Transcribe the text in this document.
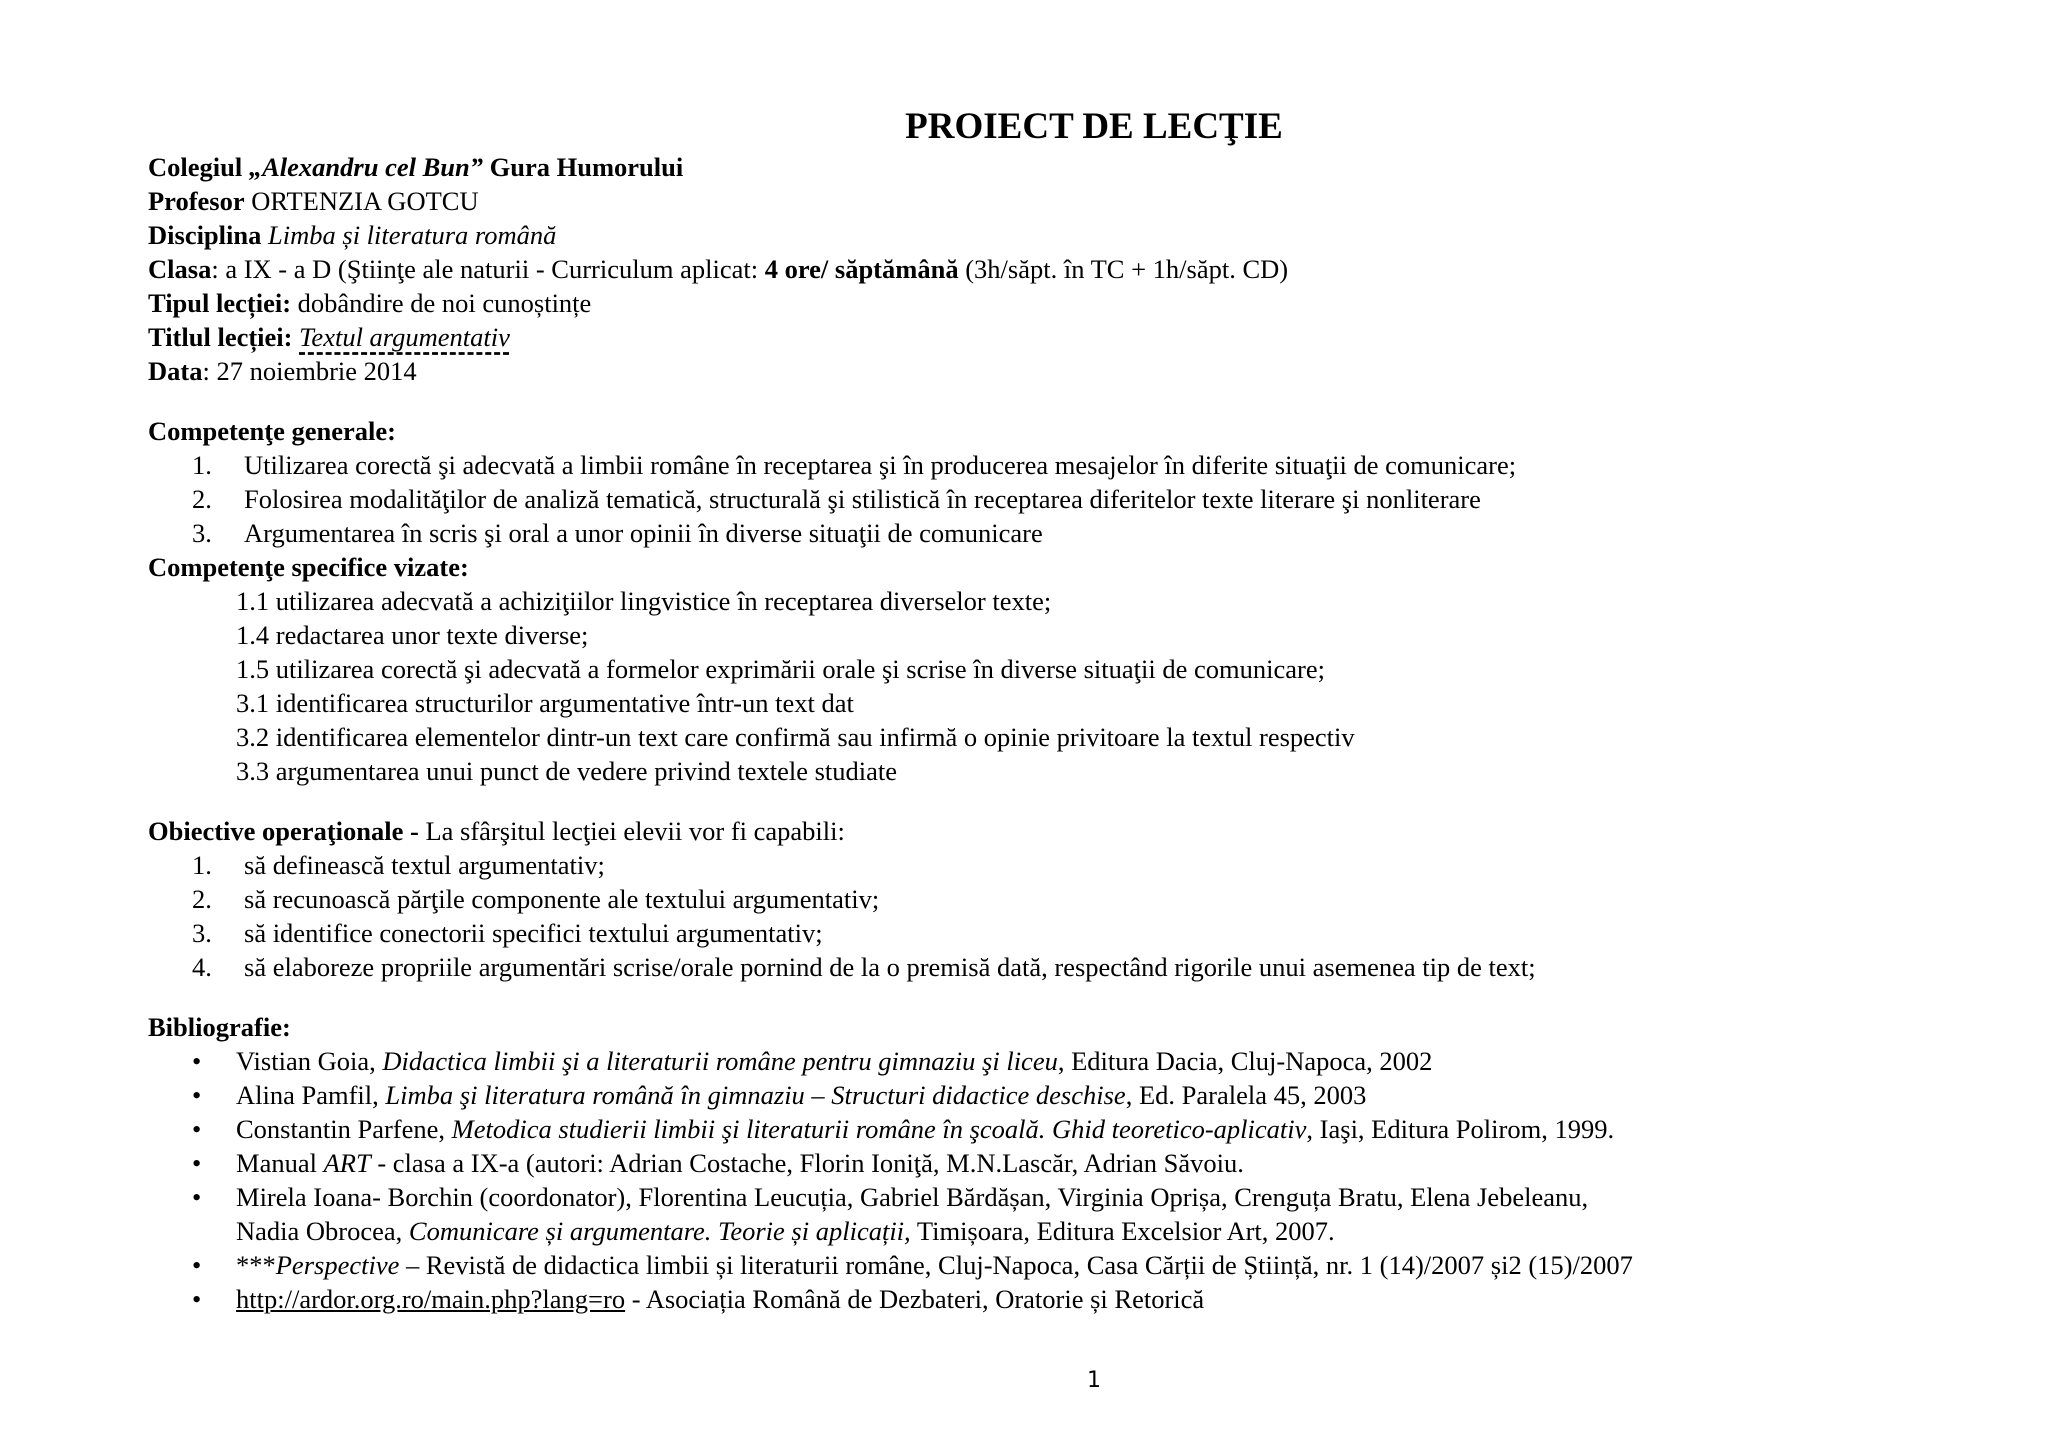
PROIECT DE LECŢIE
Colegiul „Alexandru cel Bun” Gura Humorului
Profesor ORTENZIA GOTCU
Disciplina Limba și literatura română
Clasa: a IX - a D (Ştiinţe ale naturii - Curriculum aplicat: 4 ore/ săptămână (3h/săpt. în TC + 1h/săpt. CD)
Tipul lecției: dobândire de noi cunoștințe
Titlul lecției: Textul argumentativ
Data: 27 noiembrie 2014
Competenţe generale:
1. Utilizarea corectă şi adecvată a limbii române în receptarea şi în producerea mesajelor în diferite situaţii de comunicare;
2. Folosirea modalităţilor de analiză tematică, structurală şi stilistică în receptarea diferitelor texte literare şi nonliterare
3. Argumentarea în scris şi oral a unor opinii în diverse situaţii de comunicare
Competenţe specifice vizate:
1.1 utilizarea adecvată a achiziţiilor lingvistice în receptarea diverselor texte;
1.4 redactarea unor texte diverse;
1.5 utilizarea corectă şi adecvată a formelor exprimării orale şi scrise în diverse situaţii de comunicare;
3.1 identificarea structurilor argumentative într-un text dat
3.2 identificarea elementelor dintr-un text care confirmă sau infirmă o opinie privitoare la textul respectiv
3.3 argumentarea unui punct de vedere privind textele studiate
Obiective operaţionale - La sfârşitul lecţiei elevii vor fi capabili:
1. să definească textul argumentativ;
2. să recunoască părţile componente ale textului argumentativ;
3. să identifice conectorii specifici textului argumentativ;
4. să elaboreze propriile argumentări scrise/orale pornind de la o premisă dată, respectând rigorile unui asemenea tip de text;
Bibliografie:
• Vistian Goia, Didactica limbii şi a literaturii române pentru gimnaziu şi liceu, Editura Dacia, Cluj-Napoca, 2002
• Alina Pamfil, Limba şi literatura română în gimnaziu – Structuri didactice deschise, Ed. Paralela 45, 2003
• Constantin Parfene, Metodica studierii limbii şi literaturii române în şcoală. Ghid teoretico-aplicativ, Iaşi, Editura Polirom, 1999.
• Manual ART - clasa a IX-a (autori: Adrian Costache, Florin Ioniţă, M.N.Lascăr, Adrian Săvoiu.
• Mirela Ioana- Borchin (coordonator), Florentina Leucuția, Gabriel Bărdășan, Virginia Oprișa, Crenguța Bratu, Elena Jebeleanu,
Nadia Obrocea, Comunicare și argumentare. Teorie și aplicații, Timișoara, Editura Excelsior Art, 2007.
• ***Perspective – Revistă de didactica limbii și literaturii române, Cluj-Napoca, Casa Cărții de Știință, nr. 1 (14)/2007 și2 (15)/2007
• http://ardor.org.ro/main.php?lang=ro - Asociația Română de Dezbateri, Oratorie și Retorică
1
